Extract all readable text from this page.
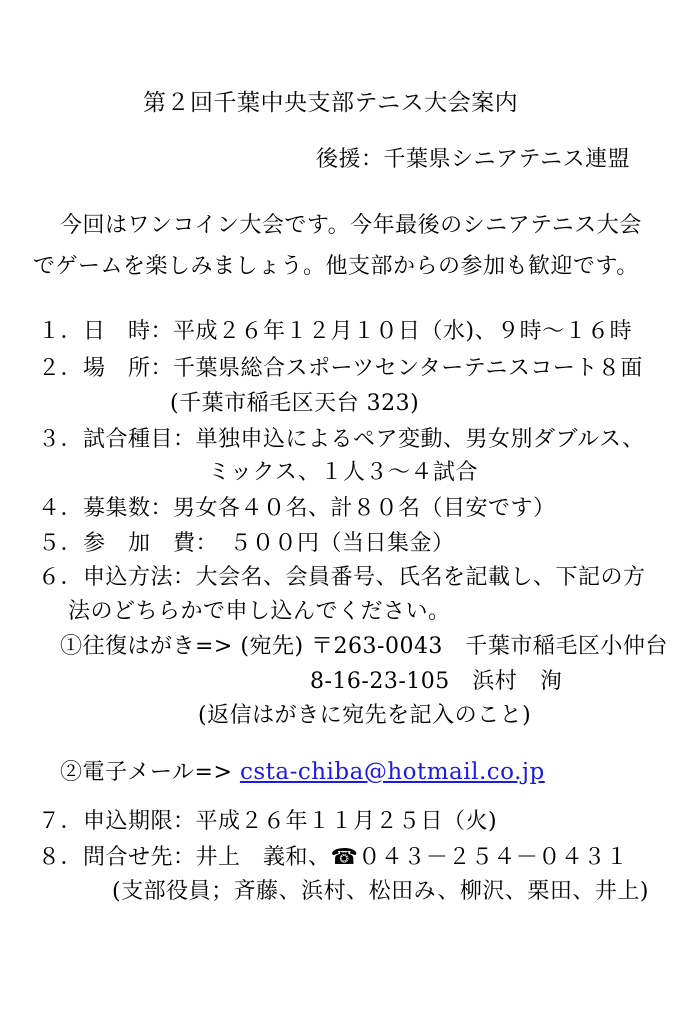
第２回千葉中央支部テニス大会案内
後援：千葉県シニアテニス連盟
今回はワンコイン大会です。今年最後のシニアテニス大会
でゲームを楽しみましょう。他支部からの参加も歓迎です。
１．日　時：平成２６年１２月１０日（水)、９時～１６時
２．場　所：千葉県総合スポーツセンターテニスコート８面
(千葉市稲毛区天台 323)
３．試合種目：単独申込によるペア変動、男女別ダブルス、
ミックス、１人３～４試合
４．募集数：男女各４０名、計８０名（目安です）
５．参　加　費：　５００円（当日集金）
６．申込方法：大会名、会員番号、氏名を記載し、下記の方
法のどちらかで申し込んでください。
①往復はがき=> (宛先) 〒263-0043　千葉市稲毛区小仲台
8-16-23-105　浜村　洵
(返信はがきに宛先を記入のこと)
②電子メール=> csta-chiba@hotmail.co.jp
７．申込期限：平成２６年１１月２５日（火)
８．問合せ先：井上　義和、☎０４３－２５４－０４３１
(支部役員；斉藤、浜村、松田み、柳沢、栗田、井上)
